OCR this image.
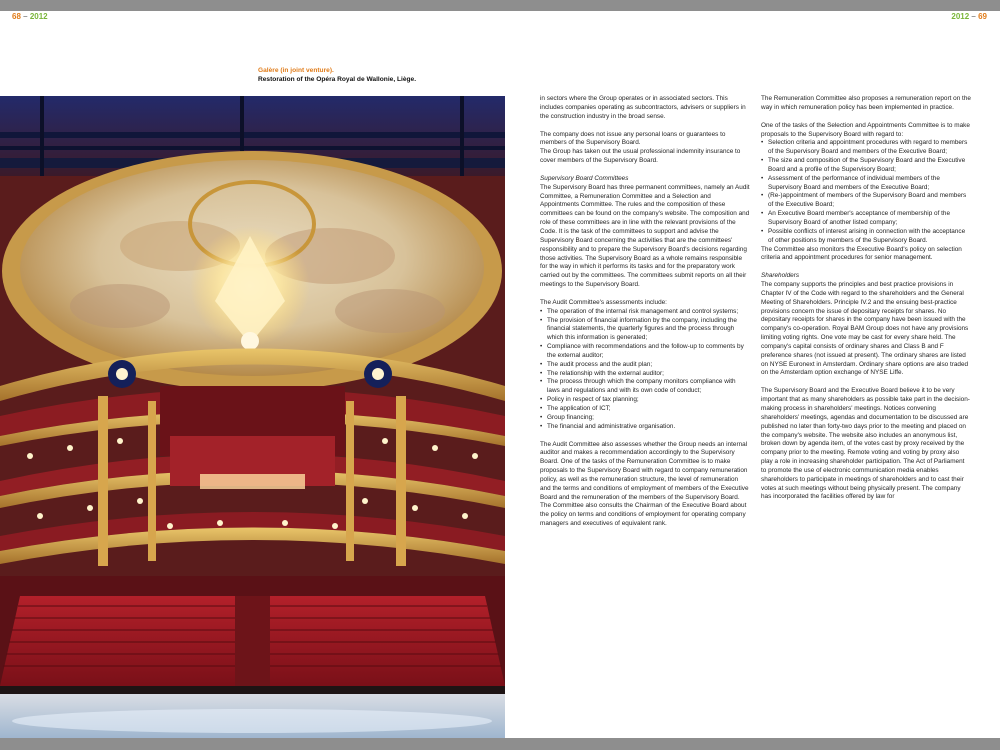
68 – 2012	2012 – 69
Galère (in joint venture).
Restoration of the Opéra Royal de Wallonie, Liège.

in sectors where the Group operates or in associated sectors. This includes companies operating as subcontractors, advisers or suppliers in the construction industry in the broad sense.

The company does not issue any personal loans or guarantees to members of the Supervisory Board.

The Group has taken out the usual professional indemnity insurance to cover members of the Supervisory Board.

Supervisory Board Committees

The Supervisory Board has three permanent committees, namely an Audit Committee, a Remuneration Committee and a Selection and Appointments Committee. The rules and the composition of these committees can be found on the company's website. The composition and role of these committees are in line with the relevant provisions of the Code. It is the task of the committees to support and advise the Supervisory Board concerning the activities that are the committees' responsibility and to prepare the Supervisory Board's decisions regarding those activities. The Supervisory Board as a whole remains responsible for the way in which it performs its tasks and for the preparatory work carried out by the committees. The committees submit reports on all their meetings to the Supervisory Board.

The Audit Committee's assessments include:

• The operation of the internal risk management and control systems;
• The provision of financial information by the company, including the financial statements, the quarterly figures and the process through which this information is generated;
• Compliance with recommendations and the follow-up to comments by the external auditor;
• The audit process and the audit plan;
• The relationship with the external auditor;
• The process through which the company monitors compliance with laws and regulations and with its own code of conduct;
• Policy in respect of tax planning;
• The application of ICT;
• Group financing;
• The financial and administrative organisation.

The Audit Committee also assesses whether the Group needs an internal auditor and makes a recommendation accordingly to the Supervisory Board. One of the tasks of the Remuneration Committee is to make proposals to the Supervisory Board with regard to company remuneration policy, as well as the remuneration structure, the level of remuneration and the terms and conditions of employment of members of the Executive Board and the remuneration of the members of the Supervisory Board. The Committee also consults the Chairman of the Executive Board about the policy on terms and conditions of employment for operating company managers and executives of equivalent rank.

The Remuneration Committee also proposes a remuneration report on the way in which remuneration policy has been implemented in practice.

One of the tasks of the Selection and Appointments Committee is to make proposals to the Supervisory Board with regard to:

• Selection criteria and appointment procedures with regard to members of the Supervisory Board and members of the Executive Board;
• The size and composition of the Supervisory Board and the Executive Board and a profile of the Supervisory Board;
• Assessment of the performance of individual members of the Supervisory Board and members of the Executive Board;
• (Re-)appointment of members of the Supervisory Board and members of the Executive Board;
• An Executive Board member's acceptance of membership of the Supervisory Board of another listed company;
• Possible conflicts of interest arising in connection with the acceptance of other positions by members of the Supervisory Board.

The Committee also monitors the Executive Board's policy on selection criteria and appointment procedures for senior management.

Shareholders

The company supports the principles and best practice provisions in Chapter IV of the Code with regard to the shareholders and the General Meeting of Shareholders. Principle IV.2 and the ensuing best-practice provisions concern the issue of depositary receipts for shares. No depositary receipts for shares in the company have been issued with the company's co-operation. Royal BAM Group does not have any provisions limiting voting rights. One vote may be cast for every share held. The company's capital consists of ordinary shares and Class B and F preference shares (not issued at present). The ordinary shares are listed on NYSE Euronext in Amsterdam. Ordinary share options are also traded on the Amsterdam option exchange of NYSE Liffe.

The Supervisory Board and the Executive Board believe it to be very important that as many shareholders as possible take part in the decision-making process in shareholders' meetings. Notices convening shareholders' meetings, agendas and documentation to be discussed are published no later than forty-two days prior to the meeting and placed on the company's website. The website also includes an anonymous list, broken down by agenda item, of the votes cast by proxy received by the company prior to the meeting. Remote voting and voting by proxy also play a role in increasing shareholder participation. The Act of Parliament to promote the use of electronic communication media enables shareholders to participate in meetings of shareholders and to cast their votes at such meetings without being physically present. The company has incorporated the facilities offered by law for
